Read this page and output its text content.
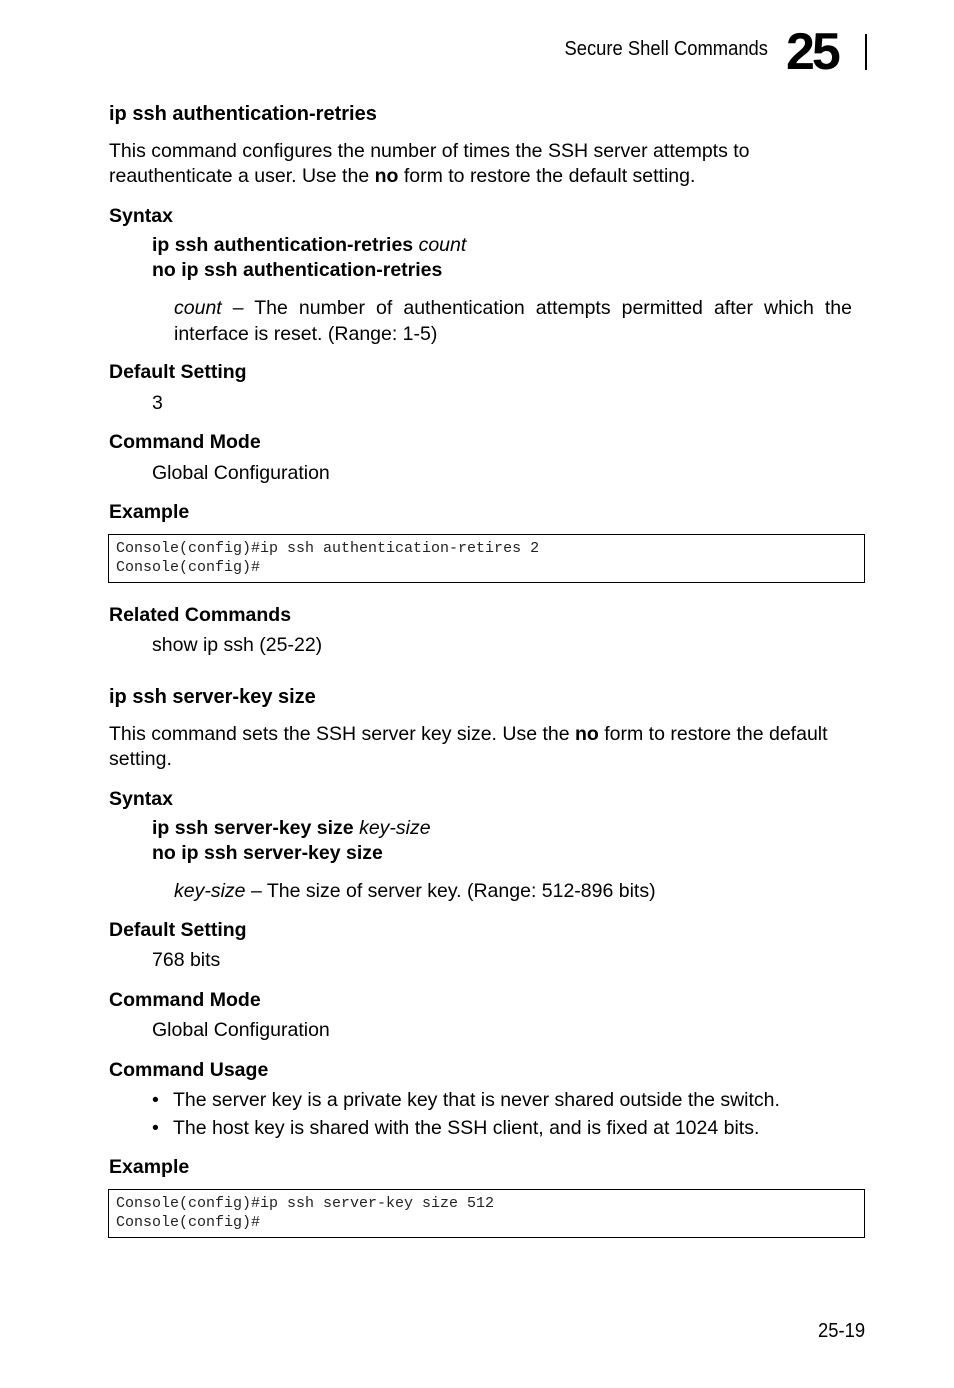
Secure Shell Commands 25
ip ssh authentication-retries
This command configures the number of times the SSH server attempts to reauthenticate a user. Use the no form to restore the default setting.
Syntax
ip ssh authentication-retries count
no ip ssh authentication-retries
count – The number of authentication attempts permitted after which the interface is reset. (Range: 1-5)
Default Setting
3
Command Mode
Global Configuration
Example
Console(config)#ip ssh authentication-retires 2
Console(config)#
Related Commands
show ip ssh (25-22)
ip ssh server-key size
This command sets the SSH server key size. Use the no form to restore the default setting.
Syntax
ip ssh server-key size key-size
no ip ssh server-key size
key-size – The size of server key. (Range: 512-896 bits)
Default Setting
768 bits
Command Mode
Global Configuration
Command Usage
• The server key is a private key that is never shared outside the switch.
• The host key is shared with the SSH client, and is fixed at 1024 bits.
Example
Console(config)#ip ssh server-key size 512
Console(config)#
25-19
